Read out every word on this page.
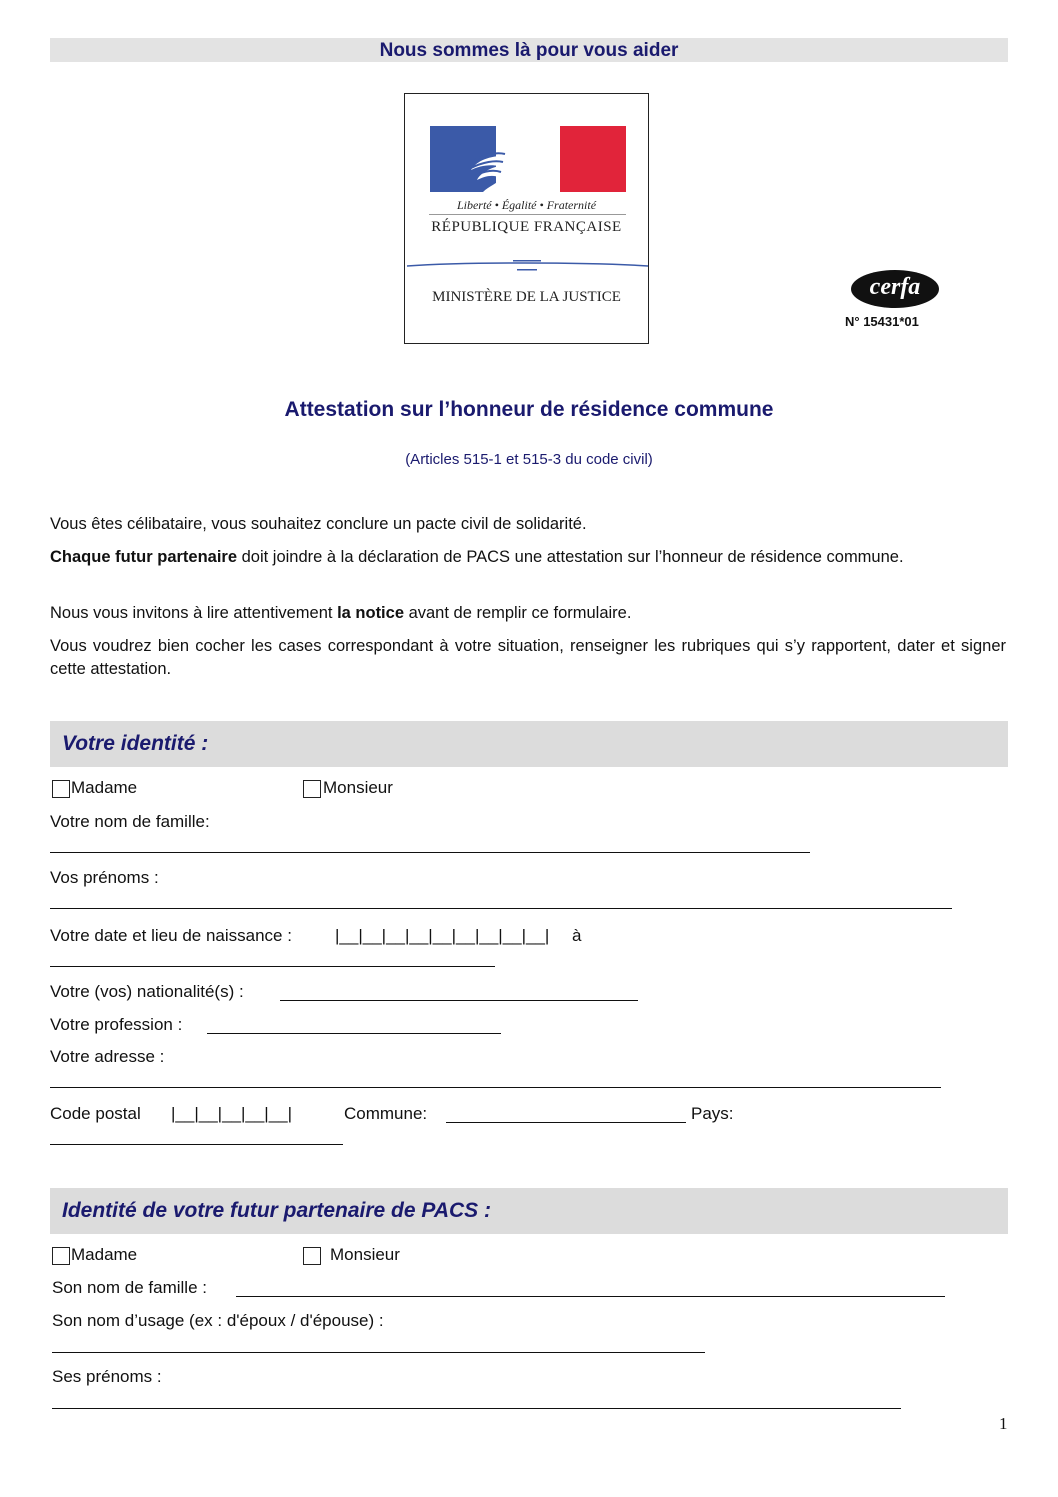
Nous sommes là pour vous aider
Liberté • Égalité • Fraternité
RÉPUBLIQUE FRANÇAISE
MINISTÈRE DE LA JUSTICE	cerfa
N° 15431*01
Attestation sur l’honneur de résidence commune
(Articles 515-1 et 515-3 du code civil)
Vous êtes célibataire, vous souhaitez conclure un pacte civil de solidarité.
Chaque futur partenaire doit joindre à la déclaration de PACS une attestation sur l’honneur de résidence commune.
Nous vous invitons à lire attentivement la notice avant de remplir ce formulaire.
Vous voudrez bien cocher les cases correspondant à votre situation, renseigner les rubriques qui s’y rapportent, dater et signer cette attestation.
Votre identité :
Madame	Monsieur
Votre nom de famille:
Vos prénoms :
Votre date et lieu de naissance :	|__|__|__|__|__|__|__|__|__| à
Votre (vos) nationalité(s) :
Votre profession :
Votre adresse :
Code postal |__|__|__|__|__|	Commune:	Pays:
Identité de votre futur partenaire de PACS :
Madame	Monsieur
Son nom de famille :
Son nom d’usage (ex : d'époux / d'épouse) :
Ses prénoms :
1
